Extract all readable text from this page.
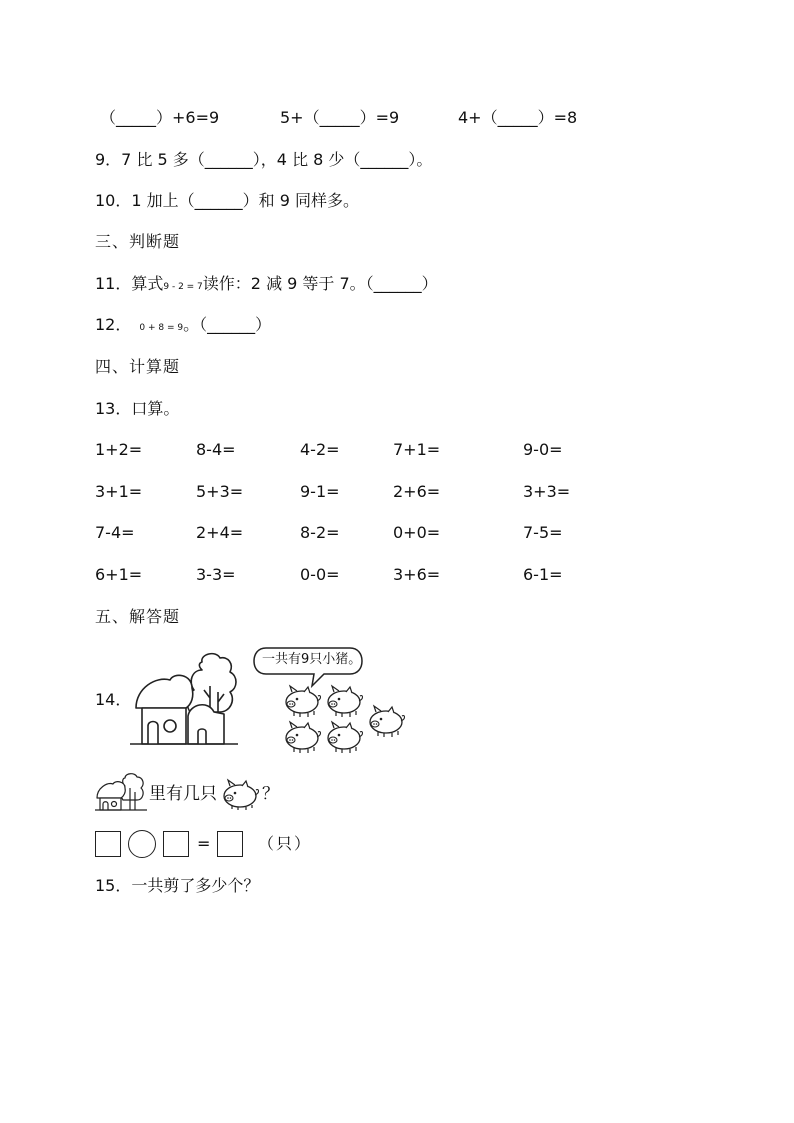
（_____）+6=9	5+（_____）=9	4+（_____）=8
9．7 比 5 多（______），4 比 8 少（______）。
10．1 加上（______）和 9 同样多。
三、判断题
11．算式9 - 2 = 7读作：2 减 9 等于 7。（______）
12． 0 + 8 = 9。（______）
四、计算题
13．口算。
1+2=	8-4=	4-2=	7+1=	9-0=
3+1=	5+3=	9-1=	2+6=	3+3=
7-4=	2+4=	8-2=	0+0=	7-5=
6+1=	3-3=	0-0=	3+6=	6-1=
五、解答题
14．
一共有9只小猪。
里有几只	？
=	（只）
15．一共剪了多少个？
